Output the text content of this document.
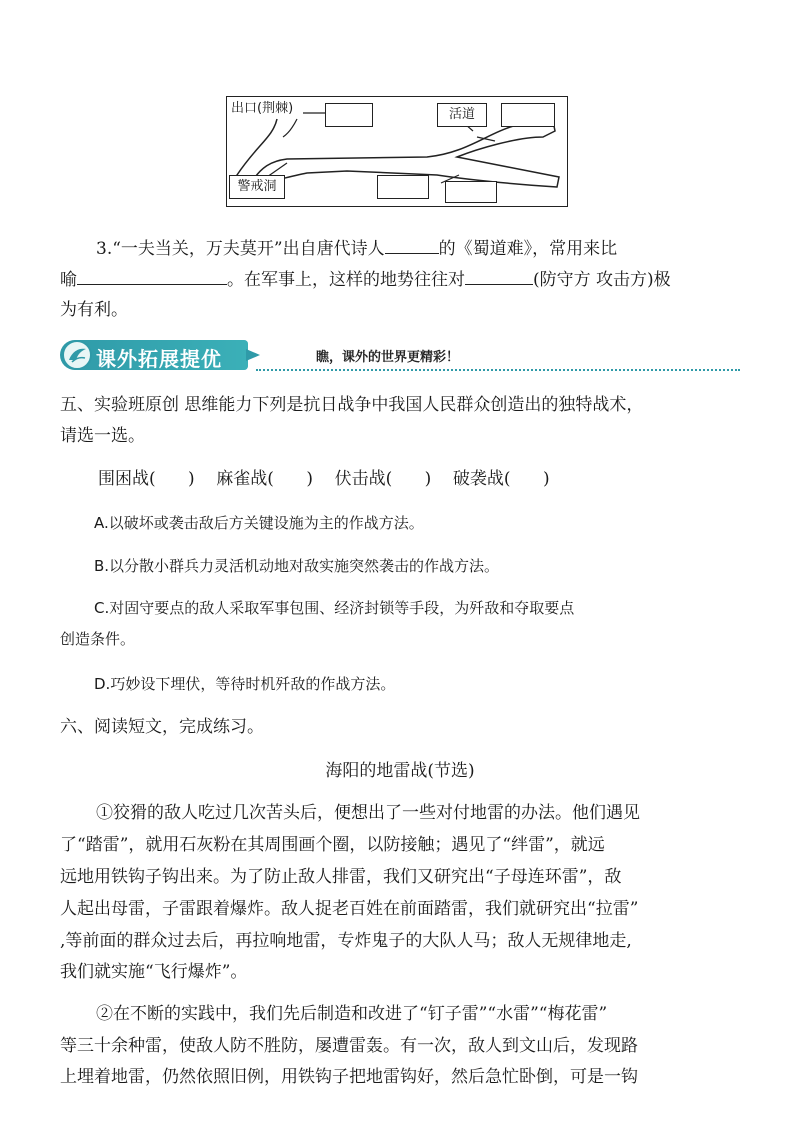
出口(荆棘)	活道
警戒洞
3.“一夫当关，万夫莫开”出自唐代诗人	的《蜀道难》，常用来比
喻	。在军事上，这样的地势往往对	(防守方 攻击方)极
为有利。
课外拓展提优	瞧，课外的世界更精彩！
五、实验班原创 思维能力下列是抗日战争中我国人民群众创造出的独特战术，
请选一选。
围困战(      )    麻雀战(      )    伏击战(      )    破袭战(      )
A.以破坏或袭击敌后方关键设施为主的作战方法。
B.以分散小群兵力灵活机动地对敌实施突然袭击的作战方法。
C.对固守要点的敌人采取军事包围、经济封锁等手段，为歼敌和夺取要点
创造条件。
D.巧妙设下埋伏，等待时机歼敌的作战方法。
六、阅读短文，完成练习。
海阳的地雷战(节选)
①狡猾的敌人吃过几次苦头后，便想出了一些对付地雷的办法。他们遇见
了“踏雷”，就用石灰粉在其周围画个圈，以防接触；遇见了“绊雷”，就远
远地用铁钩子钩出来。为了防止敌人排雷，我们又研究出“子母连环雷”，敌
人起出母雷，子雷跟着爆炸。敌人捉老百姓在前面踏雷，我们就研究出“拉雷”
,等前面的群众过去后，再拉响地雷，专炸鬼子的大队人马；敌人无规律地走,
我们就实施“飞行爆炸”。
②在不断的实践中，我们先后制造和改进了“钉子雷”“水雷”“梅花雷”
等三十余种雷，使敌人防不胜防，屡遭雷轰。有一次，敌人到文山后，发现路
上埋着地雷，仍然依照旧例，用铁钩子把地雷钩好，然后急忙卧倒，可是一钩
